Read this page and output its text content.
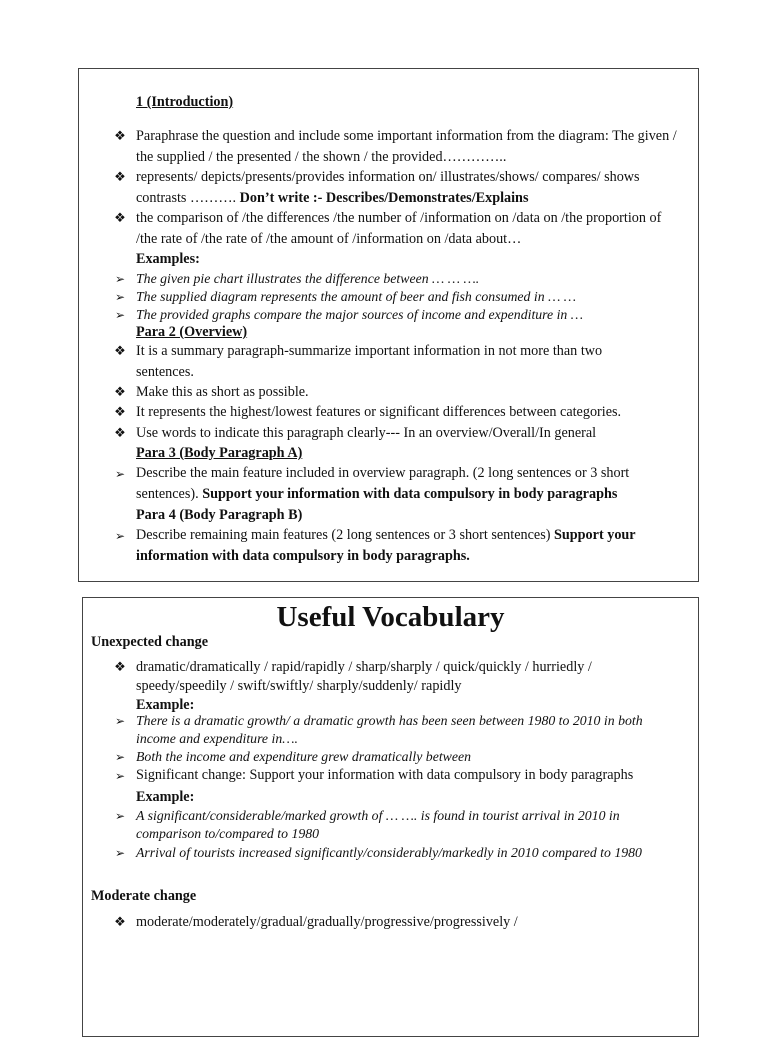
1 (Introduction)
❖ Paraphrase the question and include some important information from the diagram: The given / the supplied / the presented / the shown / the provided…………..
❖ represents/ depicts/presents/provides information on/ illustrates/shows/ compares/ shows contrasts ………. Don’t write :- Describes/Demonstrates/Explains
❖ the comparison of /the differences /the number of /information on /data on /the proportion of /the rate of /the rate of /the amount of /information on /data about…
Examples:
➢ The given pie chart illustrates the difference between … … ….
➢ The supplied diagram represents the amount of beer and fish consumed in … …
➢ The provided graphs compare the major sources of income and expenditure in …
Para 2 (Overview)
❖ It is a summary paragraph-summarize important information in not more than two sentences.
❖ Make this as short as possible.
❖ It represents the highest/lowest features or significant differences between categories.
❖ Use words to indicate this paragraph clearly--- In an overview/Overall/In general
Para 3 (Body Paragraph A)
➢ Describe the main feature included in overview paragraph. (2 long sentences or 3 short sentences). Support your information with data compulsory in body paragraphs
Para 4 (Body Paragraph B)
➢ Describe remaining main features (2 long sentences or 3 short sentences) Support your information with data compulsory in body paragraphs.
Useful Vocabulary
Unexpected change
❖ dramatic/dramatically / rapid/rapidly / sharp/sharply / quick/quickly / hurriedly / speedy/speedily / swift/swiftly/ sharply/suddenly/ rapidly
Example:
➢ There is a dramatic growth/ a dramatic growth has been seen between 1980 to 2010 in both income and expenditure in….
➢ Both the income and expenditure grew dramatically between
➢ Significant change: Support your information with data compulsory in body paragraphs
Example:
➢ A significant/considerable/marked growth of … …. is found in tourist arrival in 2010 in comparison to/compared to 1980
➢ Arrival of tourists increased significantly/considerably/markedly in 2010 compared to 1980
Moderate change
❖ moderate/moderately/gradual/gradually/progressive/progressively /
